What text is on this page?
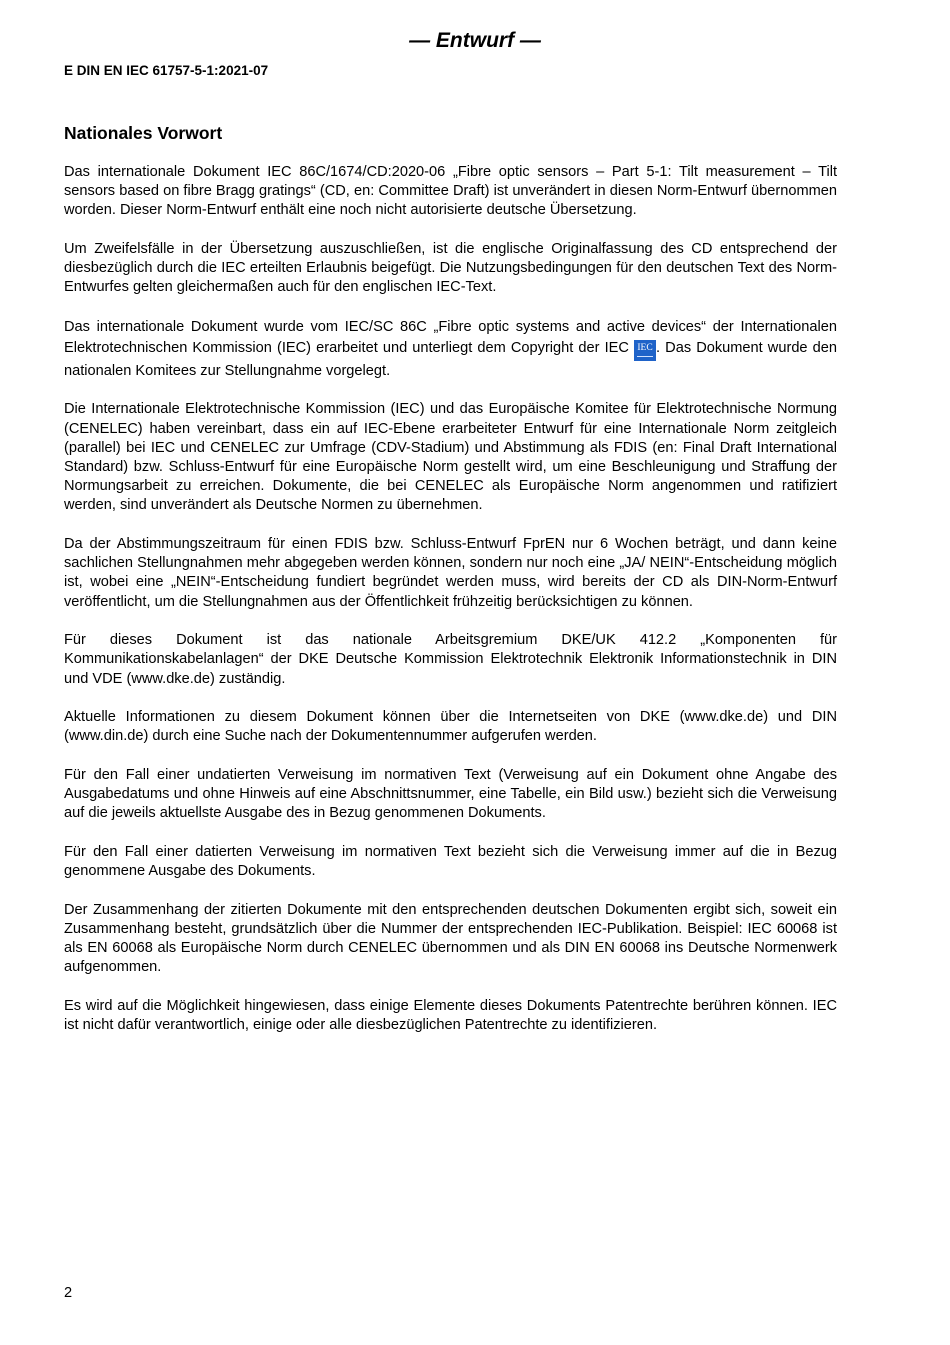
— Entwurf —
E DIN EN IEC 61757-5-1:2021-07
Nationales Vorwort

Das internationale Dokument IEC 86C/1674/CD:2020-06 „Fibre optic sensors – Part 5-1: Tilt measurement – Tilt sensors based on fibre Bragg gratings“ (CD, en: Committee Draft) ist unverändert in diesen Norm-Entwurf übernommen worden. Dieser Norm-Entwurf enthält eine noch nicht autorisierte deutsche Übersetzung.

Um Zweifelsfälle in der Übersetzung auszuschließen, ist die englische Originalfassung des CD entsprechend der diesbezüglich durch die IEC erteilten Erlaubnis beigefügt. Die Nutzungsbedingungen für den deutschen Text des Norm-Entwurfes gelten gleichermaßen auch für den englischen IEC-Text.

Das internationale Dokument wurde vom IEC/SC 86C „Fibre optic systems and active devices“ der Internationalen Elektrotechnischen Kommission (IEC) erarbeitet und unterliegt dem Copyright der IEC IEC . Das Dokument wurde den nationalen Komitees zur Stellungnahme vorgelegt.

Die Internationale Elektrotechnische Kommission (IEC) und das Europäische Komitee für Elektrotechnische Normung (CENELEC) haben vereinbart, dass ein auf IEC-Ebene erarbeiteter Entwurf für eine Internationale Norm zeitgleich (parallel) bei IEC und CENELEC zur Umfrage (CDV-Stadium) und Abstimmung als FDIS (en: Final Draft International Standard) bzw. Schluss-Entwurf für eine Europäische Norm gestellt wird, um eine Beschleunigung und Straffung der Normungsarbeit zu erreichen. Dokumente, die bei CENELEC als Europäische Norm angenommen und ratifiziert werden, sind unverändert als Deutsche Normen zu übernehmen.

Da der Abstimmungszeitraum für einen FDIS bzw. Schluss-Entwurf FprEN nur 6 Wochen beträgt, und dann keine sachlichen Stellungnahmen mehr abgegeben werden können, sondern nur noch eine „JA/ NEIN“-Entscheidung möglich ist, wobei eine „NEIN“-Entscheidung fundiert begründet werden muss, wird bereits der CD als DIN-Norm-Entwurf veröffentlicht, um die Stellungnahmen aus der Öffentlichkeit frühzeitig berücksichtigen zu können.

Für dieses Dokument ist das nationale Arbeitsgremium DKE/UK 412.2 „Komponenten für Kommunikationskabelanlagen“ der DKE Deutsche Kommission Elektrotechnik Elektronik Informationstechnik in DIN und VDE (www.dke.de) zuständig.

Aktuelle Informationen zu diesem Dokument können über die Internetseiten von DKE (www.dke.de) und DIN (www.din.de) durch eine Suche nach der Dokumentennummer aufgerufen werden.

Für den Fall einer undatierten Verweisung im normativen Text (Verweisung auf ein Dokument ohne Angabe des Ausgabedatums und ohne Hinweis auf eine Abschnittsnummer, eine Tabelle, ein Bild usw.) bezieht sich die Verweisung auf die jeweils aktuellste Ausgabe des in Bezug genommenen Dokuments.

Für den Fall einer datierten Verweisung im normativen Text bezieht sich die Verweisung immer auf die in Bezug genommene Ausgabe des Dokuments.

Der Zusammenhang der zitierten Dokumente mit den entsprechenden deutschen Dokumenten ergibt sich, soweit ein Zusammenhang besteht, grundsätzlich über die Nummer der entsprechenden IEC-Publikation. Beispiel: IEC 60068 ist als EN 60068 als Europäische Norm durch CENELEC übernommen und als DIN EN 60068 ins Deutsche Normenwerk aufgenommen.

Es wird auf die Möglichkeit hingewiesen, dass einige Elemente dieses Dokuments Patentrechte berühren können. IEC ist nicht dafür verantwortlich, einige oder alle diesbezüglichen Patentrechte zu identifizieren.

2
